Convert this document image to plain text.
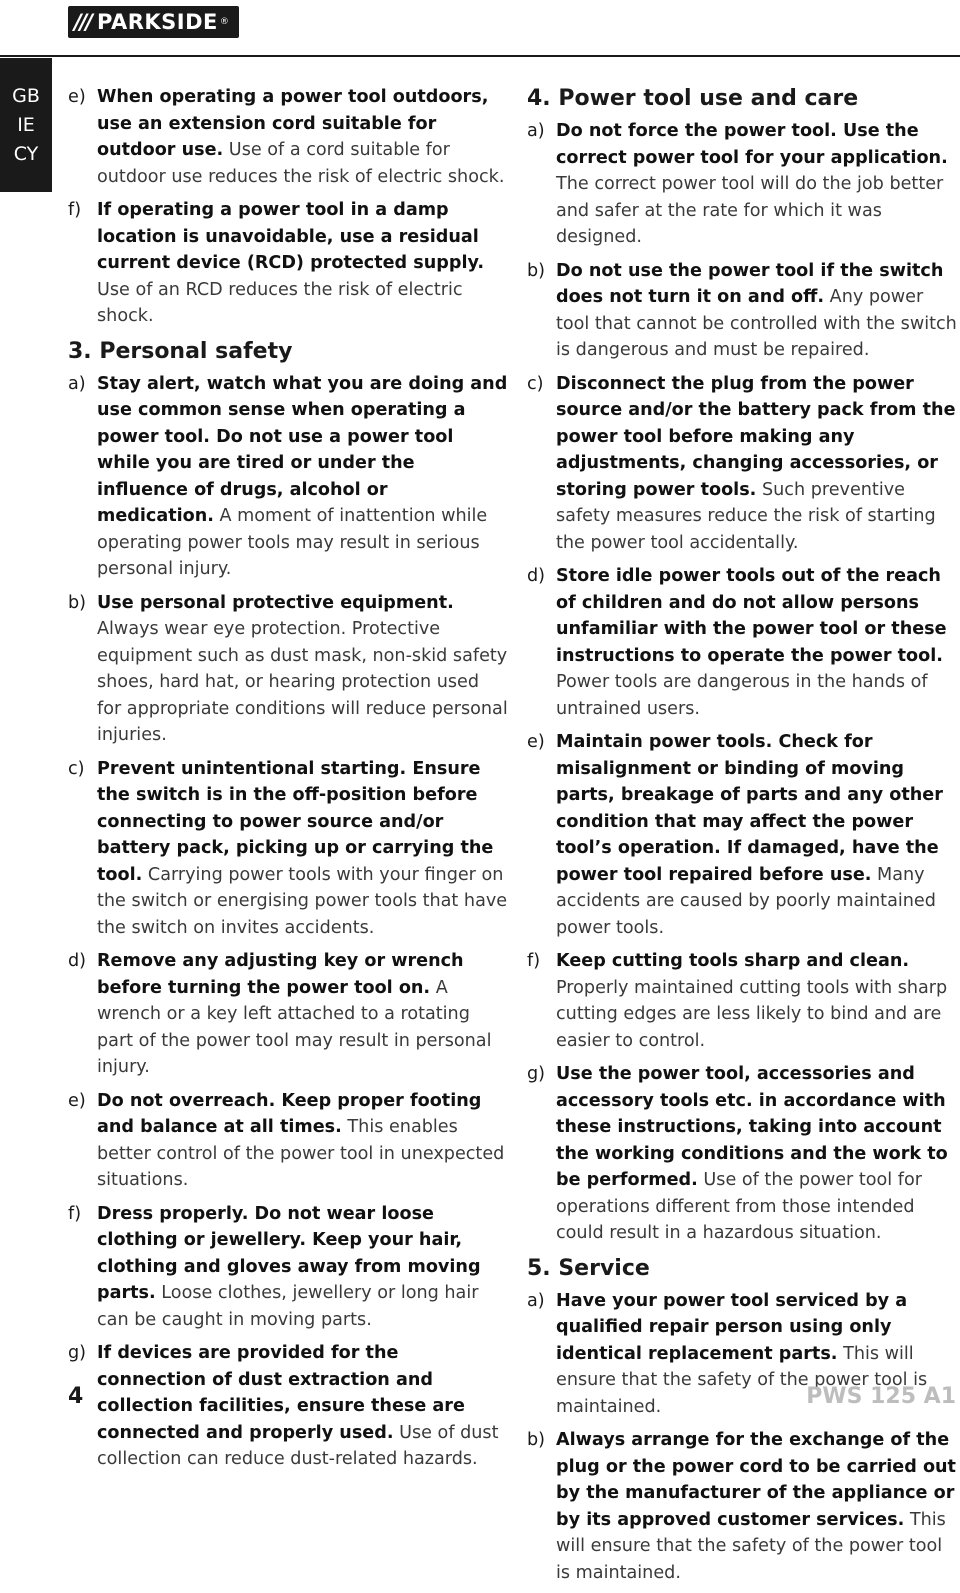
/// PARKSIDE ®
GB
IE
CY
e) When operating a power tool outdoors, use an extension cord suitable for outdoor use. Use of a cord suitable for outdoor use reduces the risk of electric shock.
f) If operating a power tool in a damp location is unavoidable, use a residual current device (RCD) protected supply. Use of an RCD reduces the risk of electric shock.
3. Personal safety
a) Stay alert, watch what you are doing and use common sense when operating a power tool. Do not use a power tool while you are tired or under the influence of drugs, alcohol or medication. A moment of inattention while operating power tools may result in serious personal injury.
b) Use personal protective equipment. Always wear eye protection. Protective equipment such as dust mask, non-skid safety shoes, hard hat, or hearing protection used for appropriate conditions will reduce personal injuries.
c) Prevent unintentional starting. Ensure the switch is in the off-position before connecting to power source and/or battery pack, picking up or carrying the tool. Carrying power tools with your finger on the switch or energising power tools that have the switch on invites accidents.
d) Remove any adjusting key or wrench before turning the power tool on. A wrench or a key left attached to a rotating part of the power tool may result in personal injury.
e) Do not overreach. Keep proper footing and balance at all times. This enables better control of the power tool in unexpected situations.
f) Dress properly. Do not wear loose clothing or jewellery. Keep your hair, clothing and gloves away from moving parts. Loose clothes, jewellery or long hair can be caught in moving parts.
g) If devices are provided for the connection of dust extraction and collection facilities, ensure these are connected and properly used. Use of dust collection can reduce dust-related hazards.
4. Power tool use and care
a) Do not force the power tool. Use the correct power tool for your application. The correct power tool will do the job better and safer at the rate for which it was designed.
b) Do not use the power tool if the switch does not turn it on and off. Any power tool that cannot be controlled with the switch is dangerous and must be repaired.
c) Disconnect the plug from the power source and/or the battery pack from the power tool before making any adjustments, changing accessories, or storing power tools. Such preventive safety measures reduce the risk of starting the power tool accidentally.
d) Store idle power tools out of the reach of children and do not allow persons unfamiliar with the power tool or these instructions to operate the power tool. Power tools are dangerous in the hands of untrained users.
e) Maintain power tools. Check for misalignment or binding of moving parts, breakage of parts and any other condition that may affect the power tool’s operation. If damaged, have the power tool repaired before use. Many accidents are caused by poorly maintained power tools.
f) Keep cutting tools sharp and clean. Properly maintained cutting tools with sharp cutting edges are less likely to bind and are easier to control.
g) Use the power tool, accessories and accessory tools etc. in accordance with these instructions, taking into account the working conditions and the work to be performed. Use of the power tool for operations different from those intended could result in a hazardous situation.
5. Service
a) Have your power tool serviced by a qualified repair person using only identical replacement parts. This will ensure that the safety of the power tool is maintained.
b) Always arrange for the exchange of the plug or the power cord to be carried out by the manufacturer of the appliance or by its approved customer services. This will ensure that the safety of the power tool is maintained.
4	PWS 125 A1
